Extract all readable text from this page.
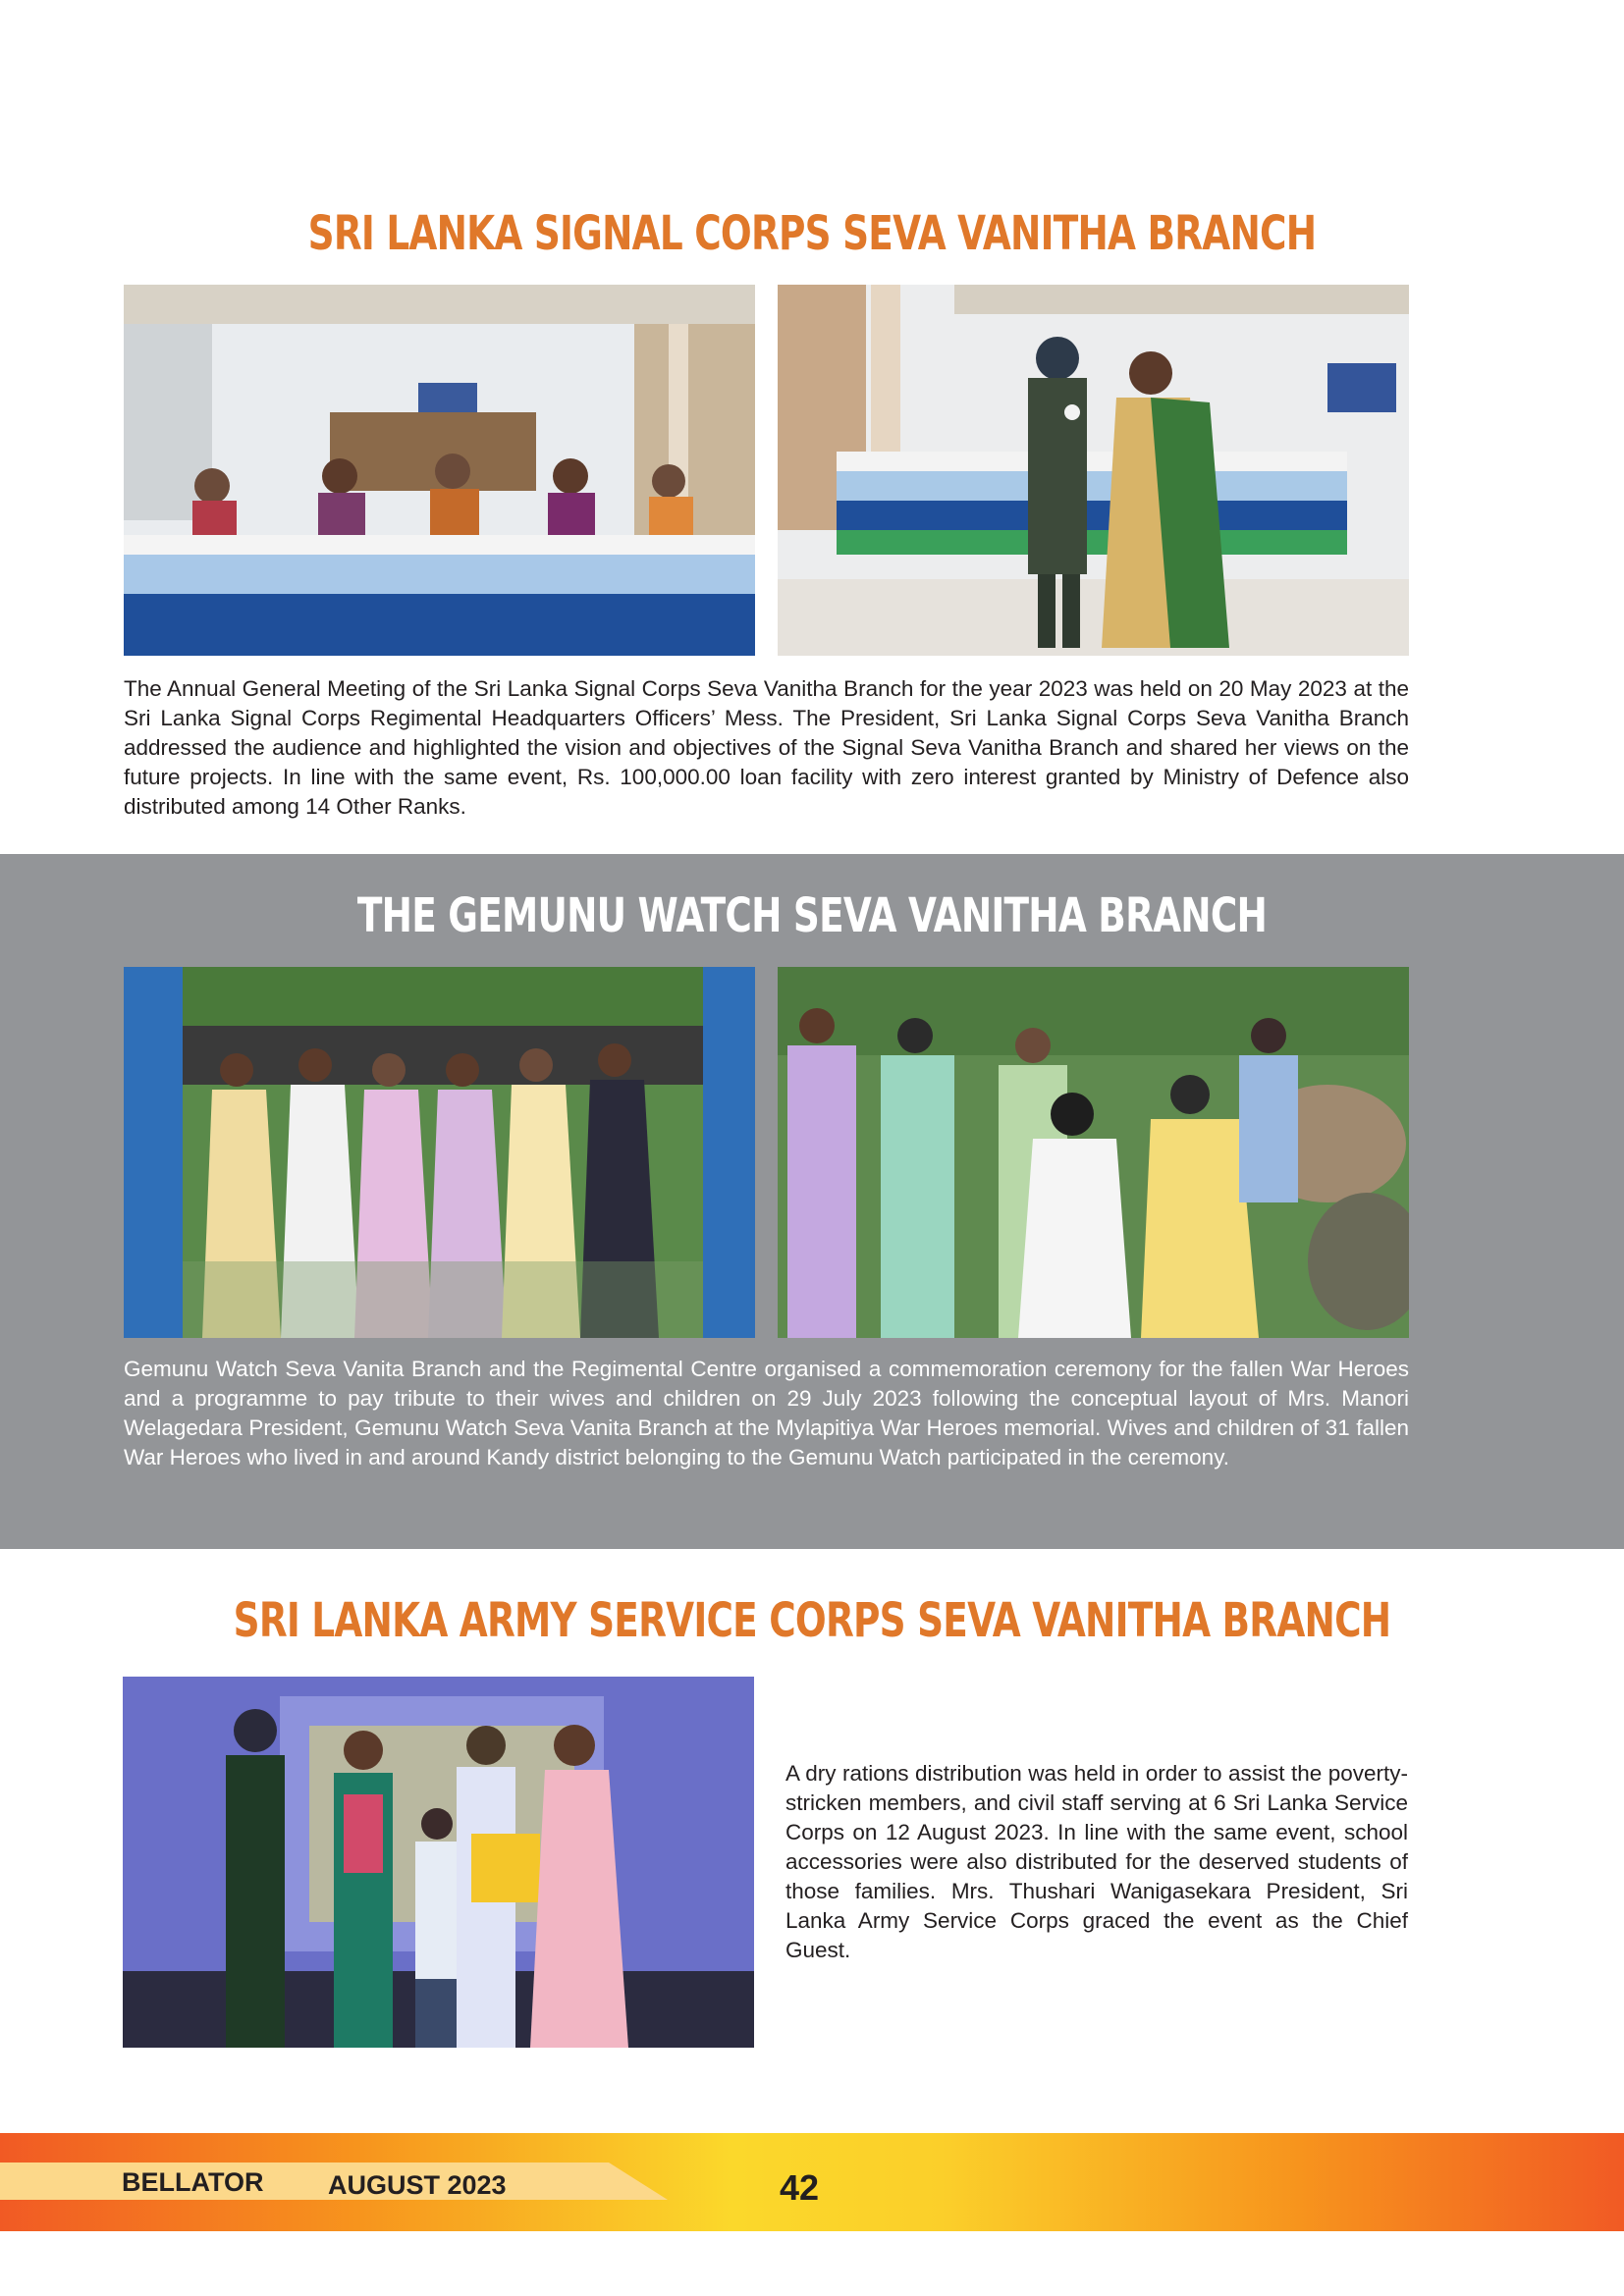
SRI LANKA SIGNAL CORPS SEVA VANITHA BRANCH

The Annual General Meeting of the Sri Lanka Signal Corps Seva Vanitha Branch for the year 2023 was held on 20 May 2023 at the Sri Lanka Signal Corps Regimental Headquarters Officers’ Mess. The President, Sri Lanka Signal Corps Seva Vanitha Branch addressed the audience and highlighted the vision and objectives of the Signal Seva Vanitha Branch and shared her views on the future projects. In line with the same event, Rs. 100,000.00 loan facility with zero interest granted by Ministry of Defence also distributed among 14 Other Ranks.

THE GEMUNU WATCH SEVA VANITHA BRANCH

Gemunu Watch Seva Vanita Branch and the Regimental Centre organised a commemoration ceremony for the fallen War Heroes and a programme to pay tribute to their wives and children on 29 July 2023 following the conceptual layout of Mrs. Manori Welagedara President, Gemunu Watch Seva Vanita Branch at the Mylapitiya War Heroes memorial. Wives and children of 31 fallen War Heroes who lived in and around Kandy district belonging to the Gemunu Watch participated in the ceremony.

SRI LANKA ARMY SERVICE CORPS SEVA VANITHA BRANCH

A dry rations distribution was held in order to assist the poverty-stricken members, and civil staff serving at 6 Sri Lanka Service Corps on 12 August 2023. In line with the same event, school accessories were also distributed for the deserved students of those families. Mrs. Thushari Wanigasekara President, Sri Lanka Army Service Corps graced the event as the Chief Guest.

BELLATOR AUGUST 2023	42
